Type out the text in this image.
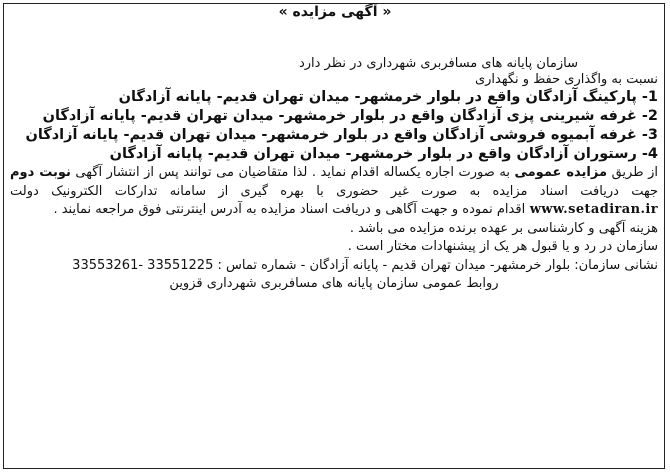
« آگهی مزایده »

سازمان پایانه های مسافربری شهرداری در نظر دارد

نسبت به واگذاری حفظ و نگهداری

1- پارکینگ آزادگان واقع در بلوار خرمشهر- میدان تهران قدیم- پایانه آزادگان

2- غرفه شیرینی پزی آزادگان واقع در بلوار خرمشهر- میدان تهران قدیم- پایانه آزادگان

3- غرفه آبمیوه فروشی آزادگان واقع در بلوار خرمشهر- میدان تهران قدیم- پایانه آزادگان

4- رستوران آزادگان واقع در بلوار خرمشهر- میدان تهران قدیم- پایانه آزادگان

از طریق مزایده عمومی به صورت اجاره یکساله اقدام نماید . لذا متقاضیان می توانند پس از انتشار آگهی نوبت دوم جهت دریافت اسناد مزایده به صورت غیر حضوری با بهره گیری از سامانه تدارکات الکترونیک دولت www.setadiran.ir اقدام نموده و جهت آگاهی و دریافت اسناد مزایده به آدرس اینترنتی فوق مراجعه نمایند .

هزینه آگهی و کارشناسی بر عهده برنده مزایده می باشد .

سازمان در رد و یا قبول هر یک از پیشنهادات مختار است .

نشانی سازمان: بلوار خرمشهر- میدان تهران قدیم - پایانه آزادگان - شماره تماس : 33551225 -33553261

روابط عمومی سازمان پایانه های مسافربری شهرداری قزوین
